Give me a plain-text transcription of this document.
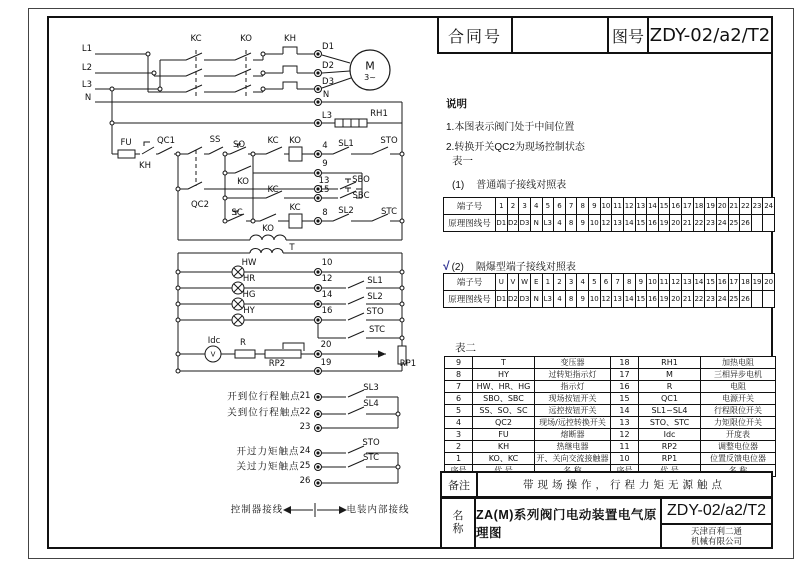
L1
L2
L3
N
KC	KO	KH
D1
D2
D3
N
M
3~
L3	RH1
FU
KH
QC1
QC2
SS SO	KC KO	4 SL1	STO
9
KO	13	SBO
KC	15
SBC
SC	KC
KO
8 SL2	STC
T
HW	10
HR	12	SL1
HG	14	SL2
HY	16	STO
STC
Idc
V
R
RP2
20
19	RP1
开到位行程触点
21
SL3
关到位行程触点
22
SL4
23
开过力矩触点 24
STO
关过力矩触点 25
STC
26
控制器接线	电装内部接线
合同号	图号 ZDY-02/a2/T2
说明
1.本图表示阀门处于中间位置
2.转换开关QC2为现场控制状态
表一
(1) 普通端子接线对照表
端子号	1	2	3	4	5	6	7	8	9	10	11	12	13	14	15	16	17	18	19	20	21	22	23	24
原理图线号	D1	D2	D3	N	L3	4	8	9	10	12	13	14	15	16	19	20	21	22	23	24	25	26		
√ (2) 隔爆型端子接线对照表
端子号	U	V	W	E	1	2	3	4	5	6	7	8	9	10	11	12	13	14	15	16	17	18	19	20
原理图线号	D1	D2	D3	N	L3	4	8	9	10	12	13	14	15	16	19	20	21	22	23	24	25	26		
表二
9	T	变压器	18	RH1	加热电阻
8	HY	过转矩指示灯	17	M	三相异步电机
7	HW、HR、HG	指示灯	16	R	电阻
6	SBO、SBC	现场按钮开关	15	QC1	电源开关
5	SS、SO、SC	远控按钮开关	14	SL1~SL4	行程限位开关
4	QC2	现场/远控转换开关	13	STO、STC	力矩限位开关
3	FU	熔断器	12	Idc	开度表
2	KH	热继电器	11	RP2	调整电位器
1	KO、KC	开、关向交流接触器	10	RP1	位置反馈电位器

备注	带现场操作，行程力矩无源触点
名称
ZA(M)系列阀门电动装置电气原理图
ZDY-02/a2/T2
天津百利二通
机械有限公司
